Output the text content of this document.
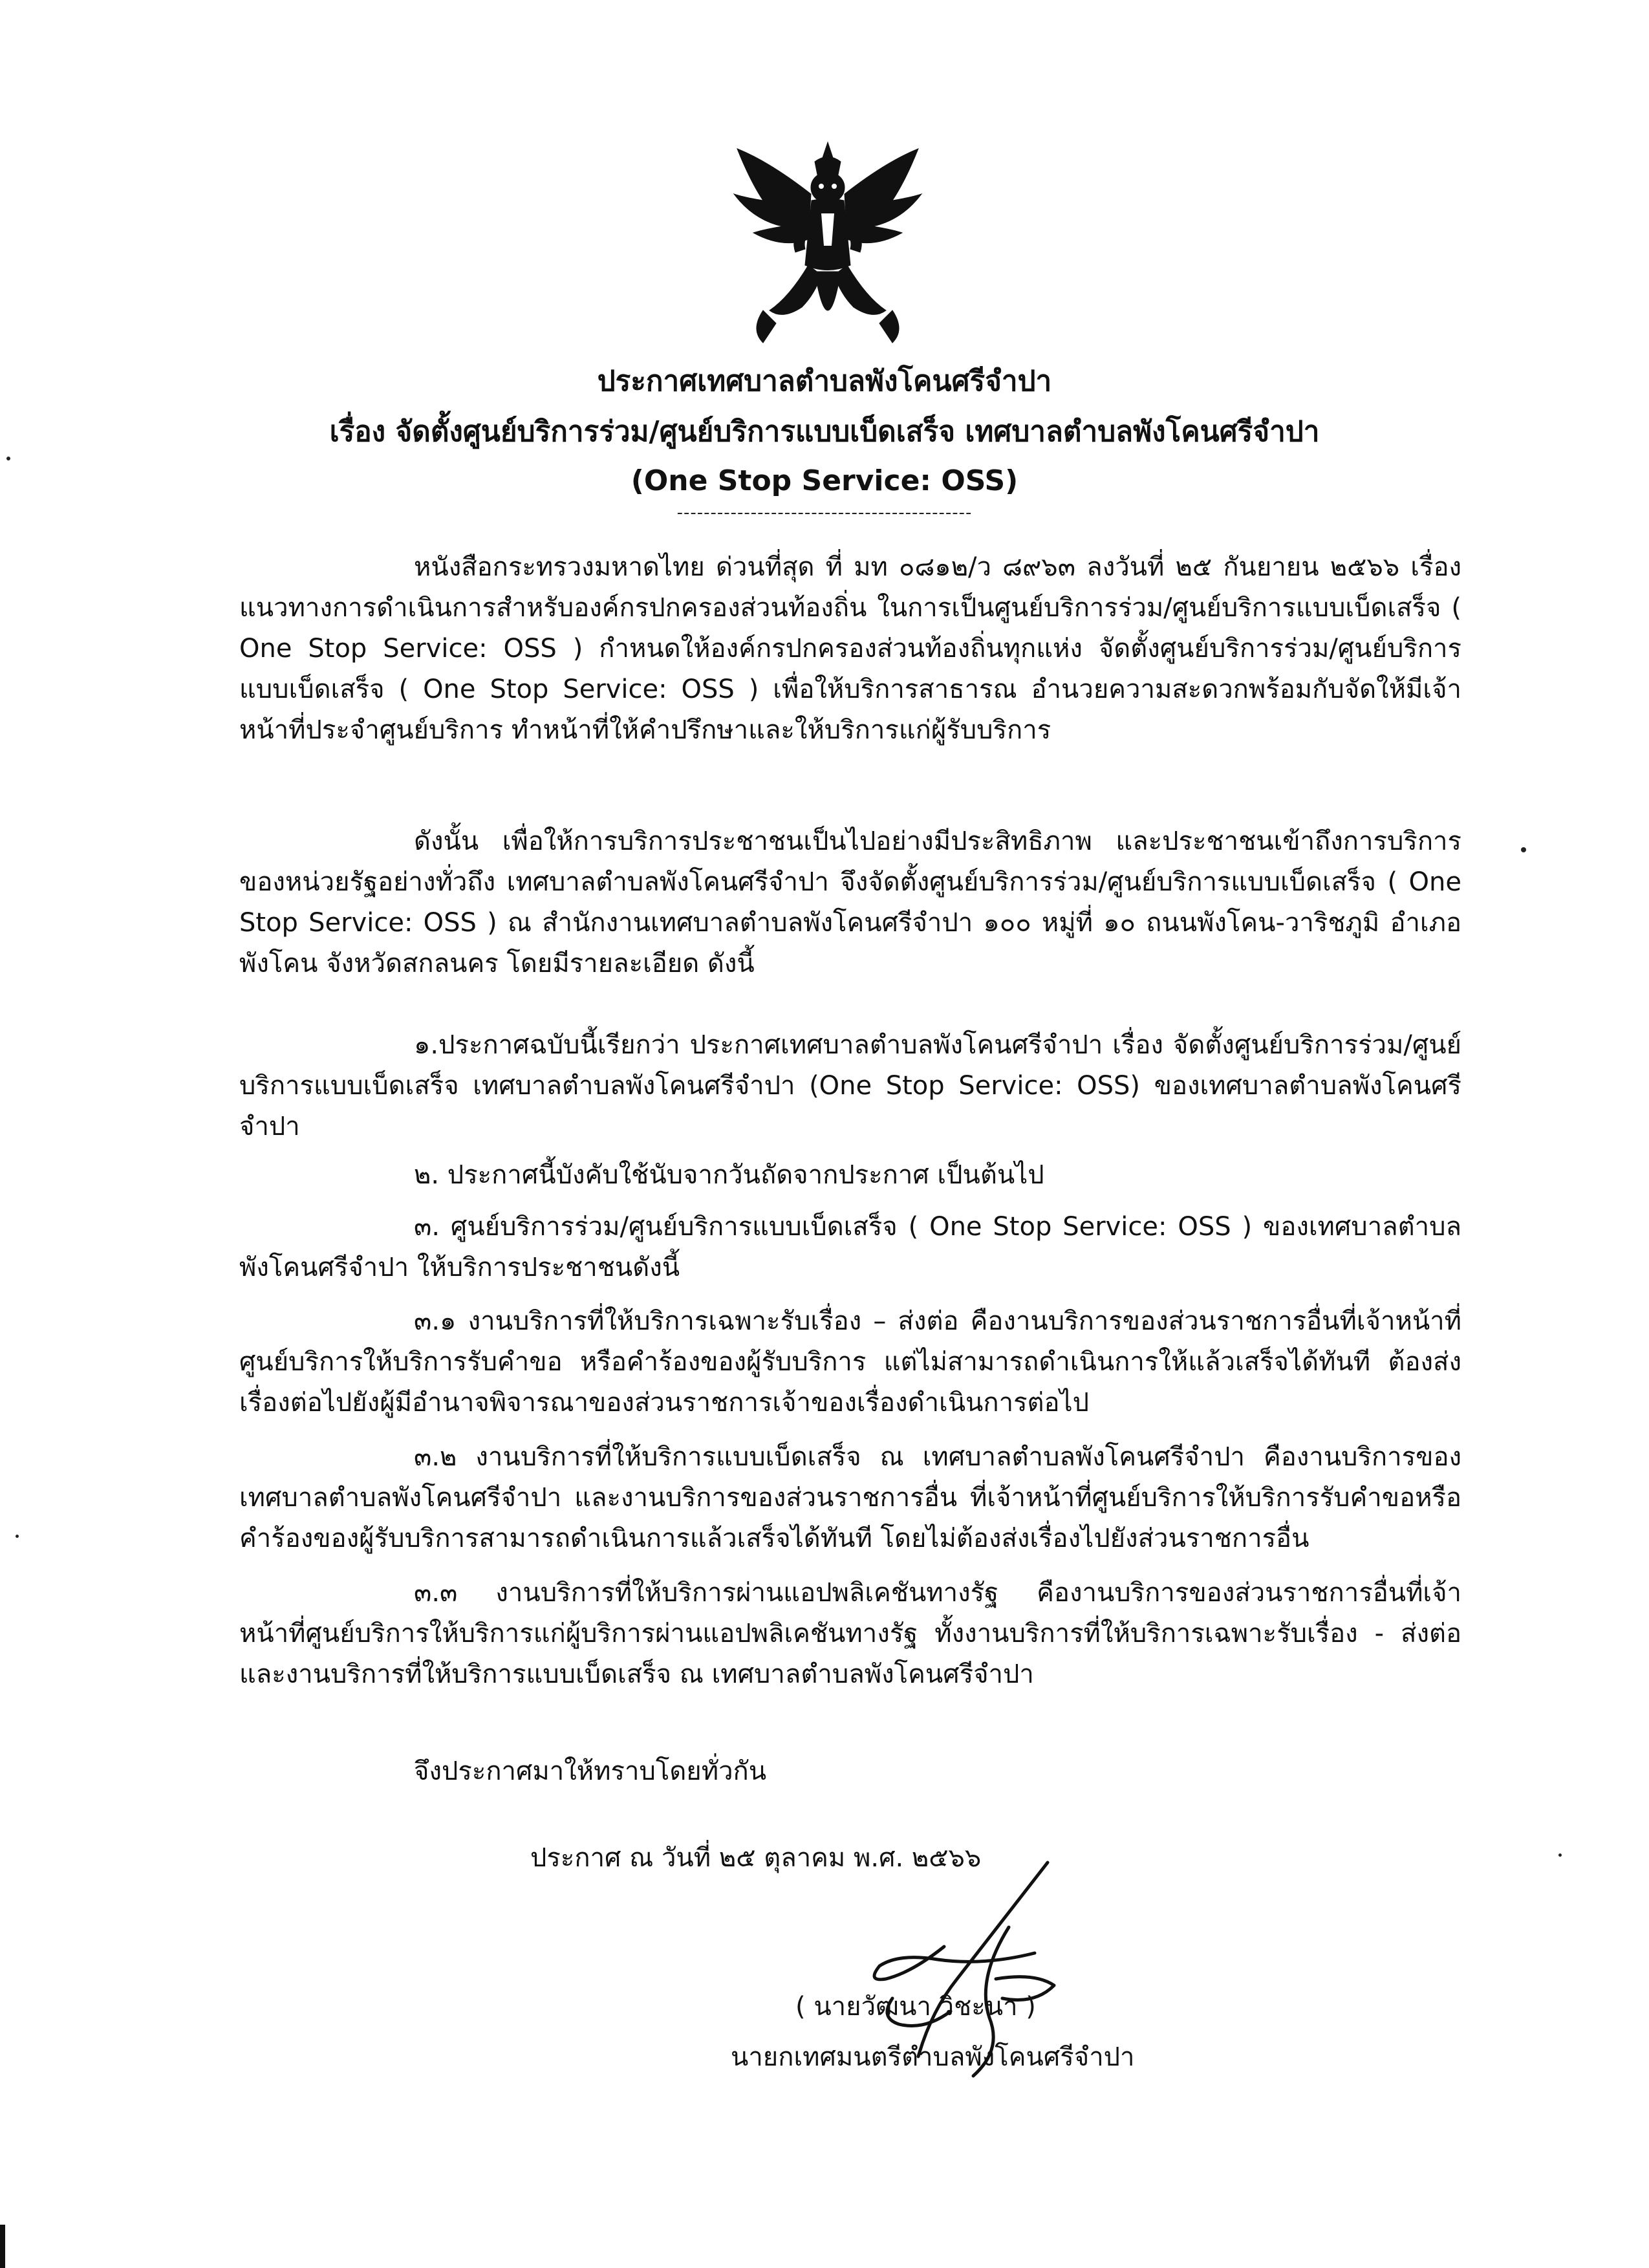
ประกาศเทศบาลตำบลพังโคนศรีจำปา
เรื่อง จัดตั้งศูนย์บริการร่วม/ศูนย์บริการแบบเบ็ดเสร็จ เทศบาลตำบลพังโคนศรีจำปา
(One Stop Service: OSS)
--------------------------------------------
หนังสือกระทรวงมหาดไทย ด่วนที่สุด ที่ มท ๐๘๑๒/ว ๘๙๖๓ ลงวันที่ ๒๕ กันยายน ๒๕๖๖ เรื่อง แนวทางการดำเนินการสำหรับองค์กรปกครองส่วนท้องถิ่น ในการเป็นศูนย์บริการร่วม/ศูนย์บริการแบบเบ็ดเสร็จ ( One Stop Service: OSS ) กำหนดให้องค์กรปกครองส่วนท้องถิ่นทุกแห่ง จัดตั้งศูนย์บริการร่วม/ศูนย์บริการแบบเบ็ดเสร็จ ( One Stop Service: OSS ) เพื่อให้บริการสาธารณ อำนวยความสะดวกพร้อมกับจัดให้มีเจ้าหน้าที่ประจำศูนย์บริการ ทำหน้าที่ให้คำปรึกษาและให้บริการแก่ผู้รับบริการ
ดังนั้น เพื่อให้การบริการประชาชนเป็นไปอย่างมีประสิทธิภาพ และประชาชนเข้าถึงการบริการของหน่วยรัฐอย่างทั่วถึง เทศบาลตำบลพังโคนศรีจำปา จึงจัดตั้งศูนย์บริการร่วม/ศูนย์บริการแบบเบ็ดเสร็จ ( One Stop Service: OSS ) ณ สำนักงานเทศบาลตำบลพังโคนศรีจำปา ๑๐๐ หมู่ที่ ๑๐ ถนนพังโคน-วาริชภูมิ อำเภอพังโคน จังหวัดสกลนคร โดยมีรายละเอียด ดังนี้
๑.ประกาศฉบับนี้เรียกว่า ประกาศเทศบาลตำบลพังโคนศรีจำปา เรื่อง จัดตั้งศูนย์บริการร่วม/ศูนย์บริการแบบเบ็ดเสร็จ เทศบาลตำบลพังโคนศรีจำปา (One Stop Service: OSS) ของเทศบาลตำบลพังโคนศรีจำปา
๒. ประกาศนี้บังคับใช้นับจากวันถัดจากประกาศ เป็นต้นไป
๓. ศูนย์บริการร่วม/ศูนย์บริการแบบเบ็ดเสร็จ ( One Stop Service: OSS ) ของเทศบาลตำบลพังโคนศรีจำปา ให้บริการประชาชนดังนี้
๓.๑ งานบริการที่ให้บริการเฉพาะรับเรื่อง – ส่งต่อ คืองานบริการของส่วนราชการอื่นที่เจ้าหน้าที่ศูนย์บริการให้บริการรับคำขอ หรือคำร้องของผู้รับบริการ แต่ไม่สามารถดำเนินการให้แล้วเสร็จได้ทันที ต้องส่งเรื่องต่อไปยังผู้มีอำนาจพิจารณาของส่วนราชการเจ้าของเรื่องดำเนินการต่อไป
๓.๒ งานบริการที่ให้บริการแบบเบ็ดเสร็จ ณ เทศบาลตำบลพังโคนศรีจำปา คืองานบริการของเทศบาลตำบลพังโคนศรีจำปา และงานบริการของส่วนราชการอื่น ที่เจ้าหน้าที่ศูนย์บริการให้บริการรับคำขอหรือคำร้องของผู้รับบริการสามารถดำเนินการแล้วเสร็จได้ทันที โดยไม่ต้องส่งเรื่องไปยังส่วนราชการอื่น
๓.๓ งานบริการที่ให้บริการผ่านแอปพลิเคชันทางรัฐ คืองานบริการของส่วนราชการอื่นที่เจ้าหน้าที่ศูนย์บริการให้บริการแก่ผู้บริการผ่านแอปพลิเคชันทางรัฐ ทั้งงานบริการที่ให้บริการเฉพาะรับเรื่อง - ส่งต่อ และงานบริการที่ให้บริการแบบเบ็ดเสร็จ ณ เทศบาลตำบลพังโคนศรีจำปา
จึงประกาศมาให้ทราบโดยทั่วกัน
ประกาศ ณ วันที่ ๒๕ ตุลาคม พ.ศ. ๒๕๖๖
( นายวัฒนา วิชะนา )
นายกเทศมนตรีตำบลพังโคนศรีจำปา
